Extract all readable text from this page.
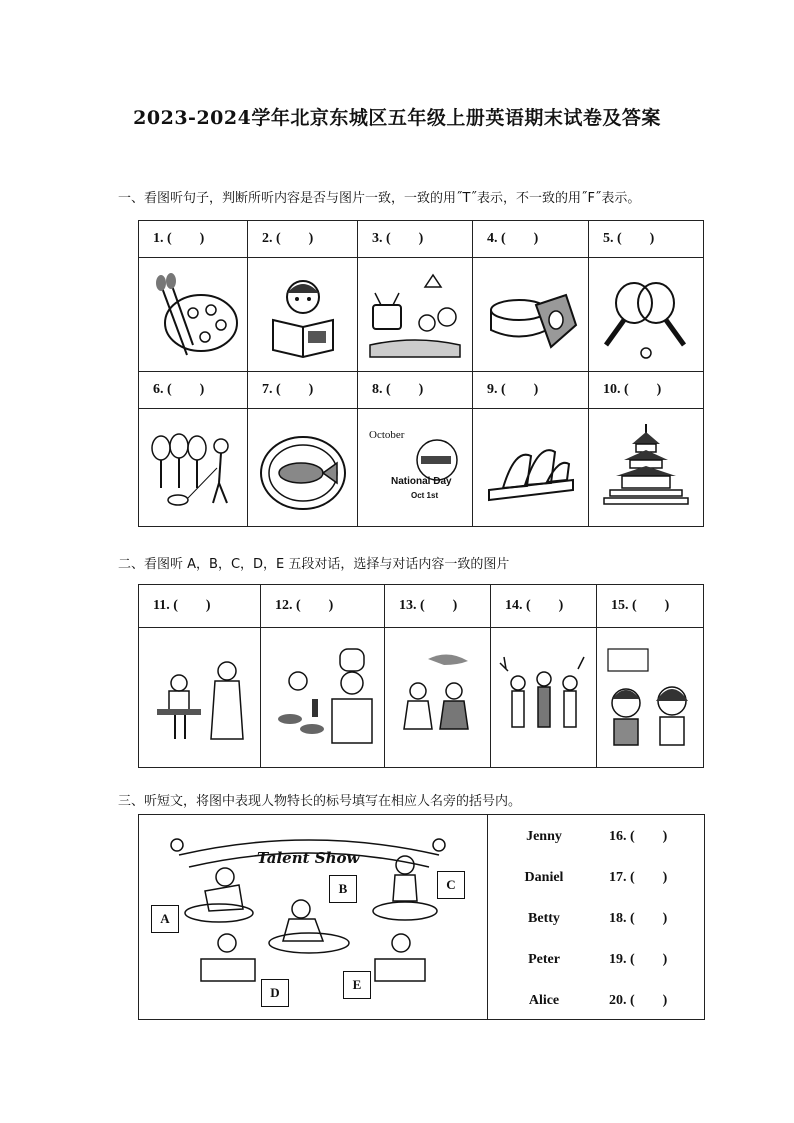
2023-2024学年北京东城区五年级上册英语期末试卷及答案
一、看图听句子，判断所听内容是否与图片一致，一致的用˝T˝表示，不一致的用˝F˝表示。
1. (        )	2. (        )	3. (        )	4. (        )	5. (        )

6. (        )	7. (        )	8. (        )	9. (        )	10. (        )

October
National Day
Oct 1st

二、看图听 A，B，C，D，E 五段对话，选择与对话内容一致的图片
11. (        )	12. (        )	13. (        )	14. (        )	15. (        )

三、听短文，将图中表现人物特长的标号填写在相应人名旁的括号内。
Talent Show
A
B	C
D
E
Jenny	16. (        )
Daniel	17. (        )
Betty	18. (        )
Peter	19. (        )
Alice	20. (        )
